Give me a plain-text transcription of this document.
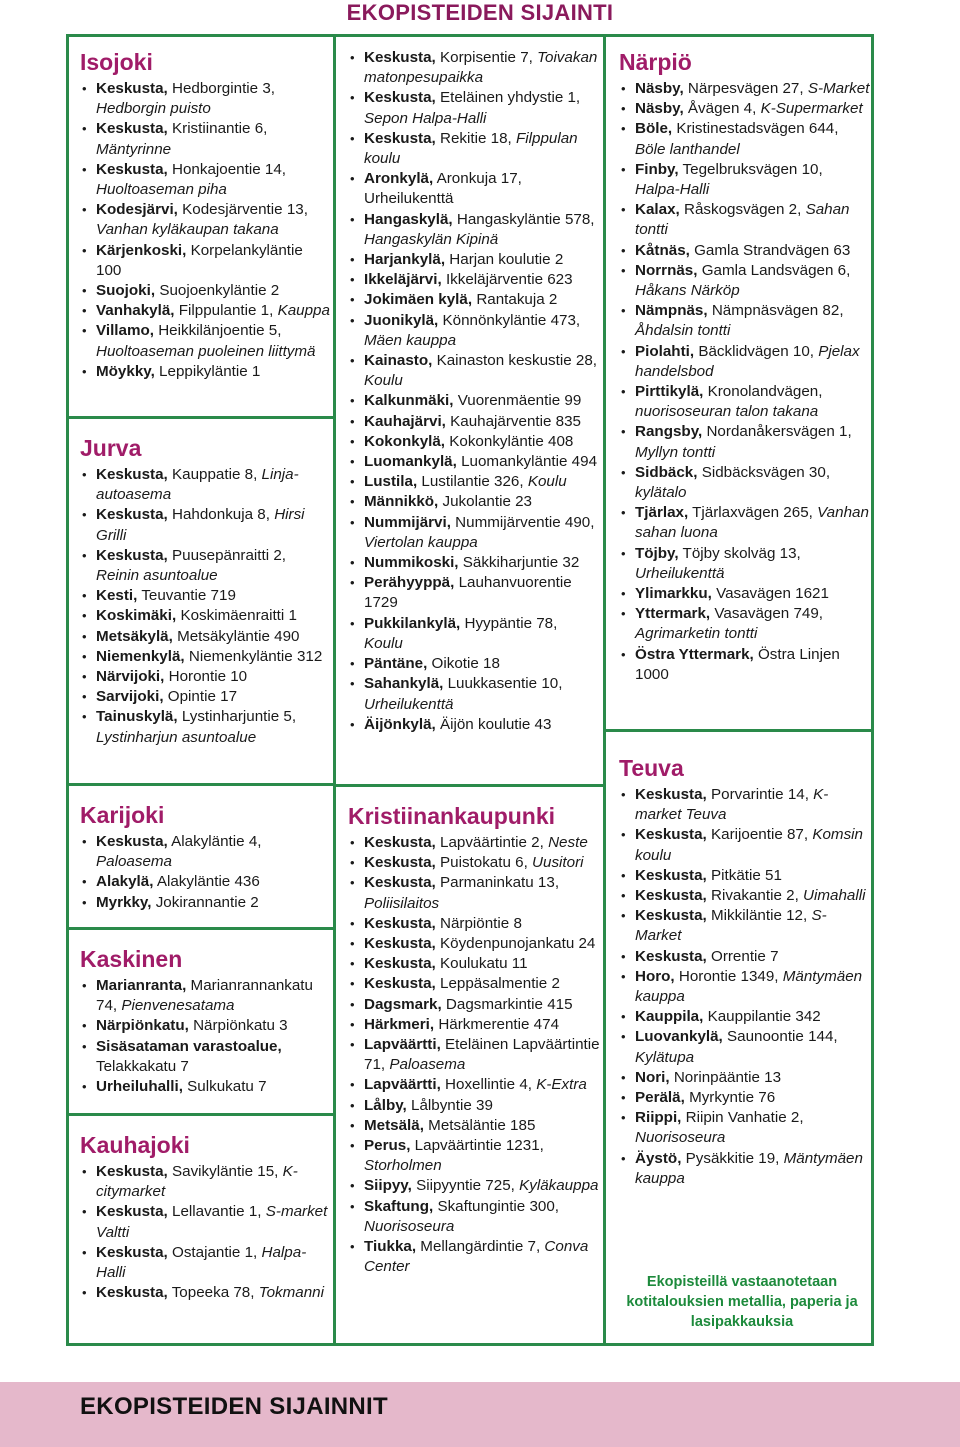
EKOPISTEIDEN SIJAINTI
Isojoki
• Keskusta, Hedborgintie 3, Hedborgin puisto
• Keskusta, Kristiinantie 6, Mäntyrinne
• Keskusta, Honkajoentie 14, Huoltoaseman piha
• Kodesjärvi, Kodesjärventie 13, Vanhan kyläkaupan takana
• Kärjenkoski, Korpelankyläntie 100
• Suojoki, Suojoenkyläntie 2
• Vanhakylä, Filppulantie 1, Kauppa
• Villamo, Heikkilänjoentie 5, Huoltoaseman puoleinen liittymä
• Möykky, Leppikyläntie 1
Jurva
• Keskusta, Kauppatie 8, Linja-autoasema
• Keskusta, Hahdonkuja 8, Hirsi Grilli
• Keskusta, Puusepänraitti 2, Reinin asuntoalue
• Kesti, Teuvantie 719
• Koskimäki, Koskimäenraitti 1
• Metsäkylä, Metsäkyläntie 490
• Niemenkylä, Niemenkyläntie 312
• Närvijoki, Horontie 10
• Sarvijoki, Opintie 17
• Tainuskylä, Lystinharjuntie 5, Lystinharjun asuntoalue
Karijoki
• Keskusta, Alakyläntie 4, Paloasema
• Alakylä, Alakyläntie 436
• Myrkky, Jokirannantie 2
Kaskinen
• Marianranta, Marianrannankatu 74, Pienvenesatama
• Närpiönkatu, Närpiönkatu 3
• Sisäsataman varastoalue, Telakkakatu 7
• Urheiluhalli, Sulkukatu 7
Kauhajoki
• Keskusta, Savikyläntie 15, K-citymarket
• Keskusta, Lellavantie 1, S-market Valtti
• Keskusta, Ostajantie 1, Halpa-Halli
• Keskusta, Topeeka 78, Tokmanni
• Keskusta, Korpisentie 7, Toivakan matonpesupaikka
• Keskusta, Eteläinen yhdystie 1, Sepon Halpa-Halli
• Keskusta, Rekitie 18, Filppulan koulu
• Aronkylä, Aronkuja 17, Urheilukenttä
• Hangaskylä, Hangaskyläntie 578, Hangaskylän Kipinä
• Harjankylä, Harjan koulutie 2
• Ikkeläjärvi, Ikkeläjärventie 623
• Jokimäen kylä, Rantakuja 2
• Juonikylä, Könnönkyläntie 473, Mäen kauppa
• Kainasto, Kainaston keskustie 28, Koulu
• Kalkunmäki, Vuorenmäentie 99
• Kauhajärvi, Kauhajärventie 835
• Kokonkylä, Kokonkyläntie 408
• Luomankylä, Luomankyläntie 494
• Lustila, Lustilantie 326, Koulu
• Männikkö, Jukolantie 23
• Nummijärvi, Nummijärventie 490, Viertolan kauppa
• Nummikoski, Säkkiharjuntie 32
• Perähyyppä, Lauhanvuorentie 1729
• Pukkilankylä, Hyypäntie 78, Koulu
• Päntäne, Oikotie 18
• Sahankylä, Luukkasentie 10, Urheilukenttä
• Äijönkylä, Äijön koulutie 43
Kristiinankaupunki
• Keskusta, Lapväärtintie 2, Neste
• Keskusta, Puistokatu 6, Uusitori
• Keskusta, Parmaninkatu 13, Poliisilaitos
• Keskusta, Närpiöntie 8
• Keskusta, Köydenpunojankatu 24
• Keskusta, Koulukatu 11
• Keskusta, Leppäsalmentie 2
• Dagsmark, Dagsmarkintie 415
• Härkmeri, Härkmerentie 474
• Lapväärtti, Eteläinen Lapväärtintie 71, Paloasema
• Lapväärtti, Hoxellintie 4, K-Extra
• Lålby, Lålbyntie 39
• Metsälä, Metsäläntie 185
• Perus, Lapväärtintie 1231, Storholmen
• Siipyy, Siipyyntie 725, Kyläkauppa
• Skaftung, Skaftungintie 300, Nuorisoseura
• Tiukka, Mellangärdintie 7, Conva Center
Närpiö
• Näsby, Närpesvägen 27, S-Market
• Näsby, Åvägen 4, K-Supermarket
• Böle, Kristinestadsvägen 644, Böle lanthandel
• Finby, Tegelbruksvägen 10, Halpa-Halli
• Kalax, Råskogsvägen 2, Sahan tontti
• Kåtnäs, Gamla Strandvägen 63
• Norrnäs, Gamla Landsvägen 6, Håkans Närköp
• Nämpnäs, Nämpnäsvägen 82, Åhdalsin tontti
• Piolahti, Bäcklidvägen 10, Pjelax handelsbod
• Pirttikylä, Kronolandvägen, nuorisoseuran talon takana
• Rangsby, Nordanåkersvägen 1, Myllyn tontti
• Sidbäck, Sidbäcksvägen 30, kylätalo
• Tjärlax, Tjärlaxvägen 265, Vanhan sahan luona
• Töjby, Töjby skolväg 13, Urheilukenttä
• Ylimarkku, Vasavägen 1621
• Yttermark, Vasavägen 749, Agrimarketin tontti
• Östra Yttermark, Östra Linjen 1000
Teuva
• Keskusta, Porvarintie 14, K-market Teuva
• Keskusta, Karijoentie 87, Komsin koulu
• Keskusta, Pitkätie 51
• Keskusta, Rivakantie 2, Uimahalli
• Keskusta, Mikkiläntie 12, S-Market
• Keskusta, Orrentie 7
• Horo, Horontie 1349, Mäntymäen kauppa
• Kauppila, Kauppilantie 342
• Luovankylä, Saunoontie 144, Kylätupa
• Nori, Norinpääntie 13
• Perälä, Myrkyntie 76
• Riippi, Riipin Vanhatie 2, Nuorisoseura
• Äystö, Pysäkkitie 19, Mäntymäen kauppa
Ekopisteillä vastaanotetaan kotitalouksien metallia, paperia ja lasipakkauksia
EKOPISTEIDEN SIJAINNIT
